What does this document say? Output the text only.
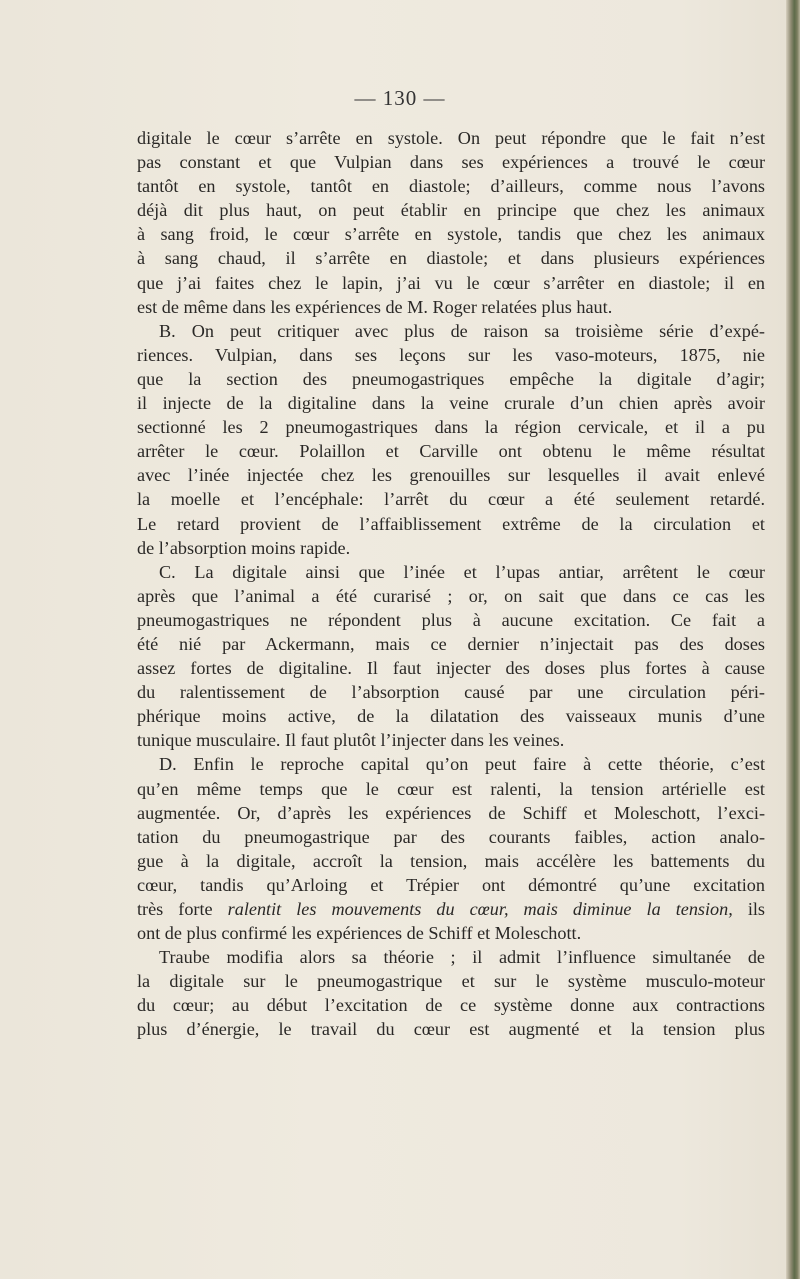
— 130 —
digitale le cœur s’arrête en systole. On peut répondre que le fait n’est
pas constant et que Vulpian dans ses expériences a trouvé le cœur
tantôt en systole, tantôt en diastole; d’ailleurs, comme nous l’avons
déjà dit plus haut, on peut établir en principe que chez les animaux
à sang froid, le cœur s’arrête en systole, tandis que chez les animaux
à sang chaud, il s’arrête en diastole; et dans plusieurs expériences
que j’ai faites chez le lapin, j’ai vu le cœur s’arrêter en diastole; il en
est de même dans les expériences de M. Roger relatées plus haut.
B. On peut critiquer avec plus de raison sa troisième série d’expé-
riences. Vulpian, dans ses leçons sur les vaso-moteurs, 1875, nie
que la section des pneumogastriques empêche la digitale d’agir;
il injecte de la digitaline dans la veine crurale d’un chien après avoir
sectionné les 2 pneumogastriques dans la région cervicale, et il a pu
arrêter le cœur. Polaillon et Carville ont obtenu le même résultat
avec l’inée injectée chez les grenouilles sur lesquelles il avait enlevé
la moelle et l’encéphale: l’arrêt du cœur a été seulement retardé.
Le retard provient de l’affaiblissement extrême de la circulation et
de l’absorption moins rapide.
C. La digitale ainsi que l’inée et l’upas antiar, arrêtent le cœur
après que l’animal a été curarisé ; or, on sait que dans ce cas les
pneumogastriques ne répondent plus à aucune excitation. Ce fait a
été nié par Ackermann, mais ce dernier n’injectait pas des doses
assez fortes de digitaline. Il faut injecter des doses plus fortes à cause
du ralentissement de l’absorption causé par une circulation péri-
phérique moins active, de la dilatation des vaisseaux munis d’une
tunique musculaire. Il faut plutôt l’injecter dans les veines.
D. Enfin le reproche capital qu’on peut faire à cette théorie, c’est
qu’en même temps que le cœur est ralenti, la tension artérielle est
augmentée. Or, d’après les expériences de Schiff et Moleschott, l’exci-
tation du pneumogastrique par des courants faibles, action analo-
gue à la digitale, accroît la tension, mais accélère les battements du
cœur, tandis qu’Arloing et Trépier ont démontré qu’une excitation
très forte ralentit les mouvements du cœur, mais diminue la tension, ils
ont de plus confirmé les expériences de Schiff et Moleschott.
Traube modifia alors sa théorie ; il admit l’influence simultanée de
la digitale sur le pneumogastrique et sur le système musculo-moteur
du cœur; au début l’excitation de ce système donne aux contractions
plus d’énergie, le travail du cœur est augmenté et la tension plus
